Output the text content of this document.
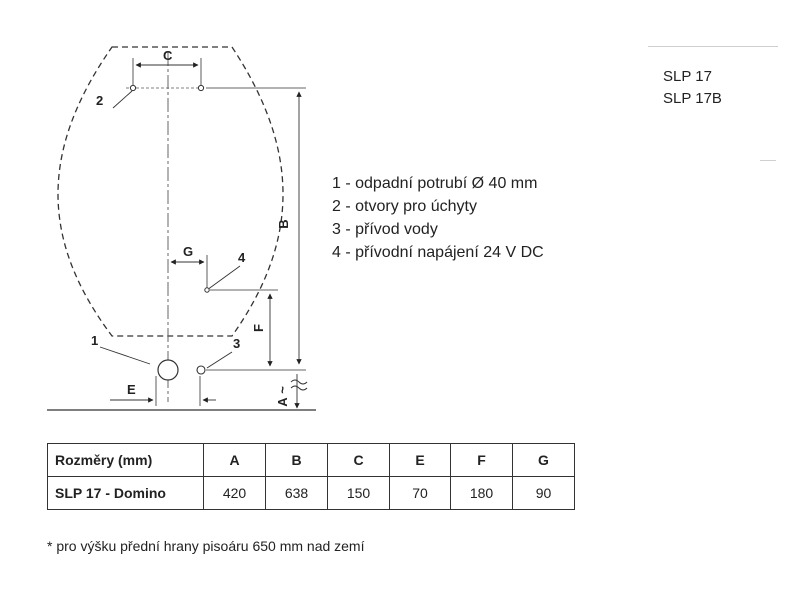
C
2
B
G	4
F
1	3
E
A
~
SLP 17
SLP 17B
1 - odpadní potrubí Ø 40 mm
2 - otvory pro úchyty
3 - přívod vody
4 - přívodní napájení 24 V DC
Rozměry (mm)	A	B	C	E	F	G
SLP 17 - Domino	420	638	150	70	180	90
* pro výšku přední hrany pisoáru 650 mm nad zemí
